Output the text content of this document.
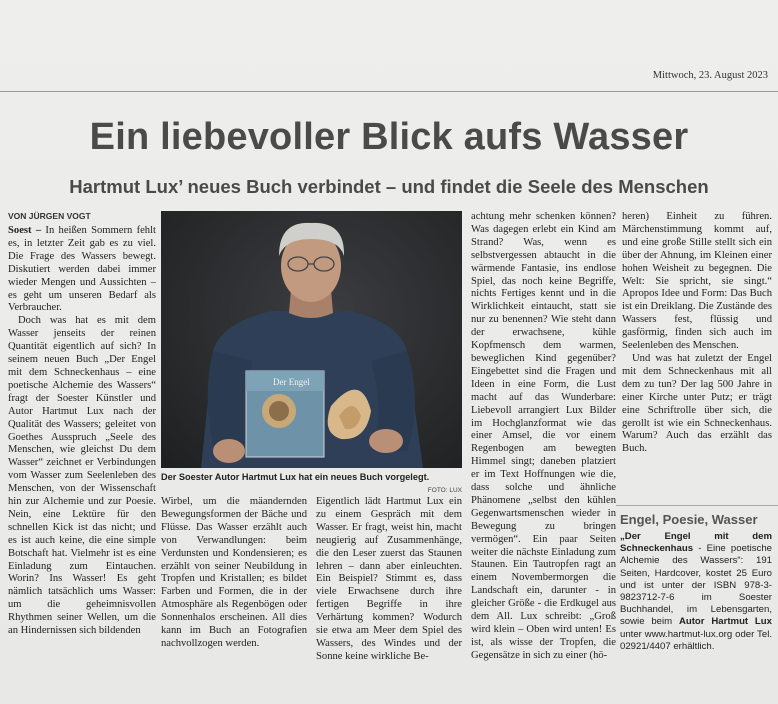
Mittwoch, 23. August 2023
Ein liebevoller Blick aufs Wasser
Hartmut Lux’ neues Buch verbindet – und findet die Seele des Menschen
VON JÜRGEN VOGT

Soest – In heißen Sommern fehlt es, in letzter Zeit gab es zu viel. Die Frage des Wassers bewegt. Diskutiert werden dabei immer wieder Mengen und Aussichten – es geht um unseren Bedarf als Verbraucher.

Doch was hat es mit dem Wasser jenseits der reinen Quantität eigentlich auf sich? In seinem neuen Buch „Der Engel mit dem Schneckenhaus – eine poetische Alchemie des Wassers“ fragt der Soester Künstler und Autor Hartmut Lux nach der Qualität des Wassers; geleitet von Goethes Ausspruch „Seele des Menschen, wie gleichst Du dem Wasser“ zeichnet er Verbindungen vom Wasser zum Seelenleben des Menschen, von der Wissenschaft hin zur Alchemie und zur Poesie. Nein, eine Lektüre für den schnellen Kick ist das nicht; und es ist auch keine, die eine simple Botschaft hat. Vielmehr ist es eine Einladung zum Eintauchen. Worin? Ins Wasser! Es geht nämlich tatsächlich ums Wasser: um die geheimnisvollen Rhythmen seiner Wellen, um die an Hindernissen sich bildenden

Der Engel
Der Soester Autor Hartmut Lux hat ein neues Buch vorgelegt.
FOTO: LUX

Wirbel, um die mäandernden Bewegungsformen der Bäche und Flüsse. Das Wasser erzählt auch von Verwandlungen: beim Verdunsten und Kondensieren; es erzählt von seiner Neubildung in Tropfen und Kristallen; es bildet Farben und Formen, die in der Atmosphäre als Regenbögen oder Sonnenhalos erscheinen. All dies kann im Buch an Fotografien nachvollzogen werden.

Eigentlich lädt Hartmut Lux ein zu einem Gespräch mit dem Wasser. Er fragt, weist hin, macht neugierig auf Zusammenhänge, die den Leser zuerst das Staunen lehren – dann aber einleuchten. Ein Beispiel? Stimmt es, dass viele Erwachsene durch ihre fertigen Begriffe in ihre Verhärtung kommen? Wodurch sie etwa am Meer dem Spiel des Wassers, des Windes und der Sonne keine wirkliche Be-

achtung mehr schenken können? Was dagegen erlebt ein Kind am Strand? Was, wenn es selbstvergessen abtaucht in die wärmende Fantasie, ins endlose Spiel, das noch keine Begriffe, nichts Fertiges kennt und in die Wirklichkeit eintaucht, statt sie nur zu benennen? Wie steht dann der erwachsene, kühle Kopfmensch dem warmen, beweglichen Kind gegenüber? Eingebettet sind die Fragen und Ideen in eine Form, die Lust macht auf das Wunderbare: Liebevoll arrangiert Lux Bilder im Hochglanzformat wie das einer Amsel, die vor einem Regenbogen am bewegten Himmel singt; daneben platziert er im Text Hoffnungen wie die, dass solche und ähnliche Phänomene „selbst den kühlen Gegenwartsmenschen wieder in Bewegung zu bringen vermögen“. Ein paar Seiten weiter die nächste Einladung zum Staunen. Ein Tautropfen ragt an einem Novembermorgen die Landschaft ein, darunter - in gleicher Größe - die Erdkugel aus dem All. Lux schreibt: „Groß wird klein – Oben wird unten! Es ist, als wisse der Tropfen, die Gegensätze in sich zu einer (hö-

heren) Einheit zu führen. Märchenstimmung kommt auf, und eine große Stille stellt sich ein über der Ahnung, im Kleinen einer hohen Weisheit zu begegnen. Die Welt: Sie spricht, sie singt.“ Apropos Idee und Form: Das Buch ist ein Dreiklang. Die Zustände des Wassers fest, flüssig und gasförmig, finden sich auch im Seelenleben des Menschen.

Und was hat zuletzt der Engel mit dem Schneckenhaus mit all dem zu tun? Der lag 500 Jahre in einer Kirche unter Putz; er trägt eine Schriftrolle über sich, die gerollt ist wie ein Schneckenhaus. Warum? Auch das erzählt das Buch.

Engel, Poesie, Wasser
„Der Engel mit dem Schneckenhaus - Eine poetische Alchemie des Wassers“: 191 Seiten, Hardcover, kostet 25 Euro und ist unter der ISBN 978-3-9823712-7-6 im Soester Buchhandel, im Lebensgarten, sowie beim Autor Hartmut Lux unter www.hartmut-lux.org oder Tel. 02921/4407 erhältlich.
